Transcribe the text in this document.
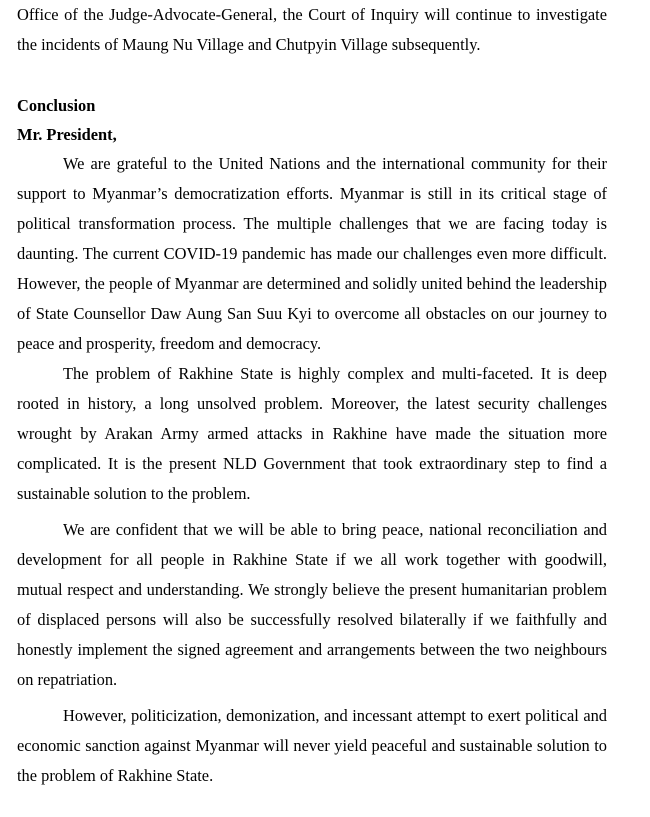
Office of the Judge-Advocate-General, the Court of Inquiry will continue to investigate the incidents of Maung Nu Village and Chutpyin Village subsequently.

Conclusion
Mr. President,

We are grateful to the United Nations and the international community for their support to Myanmar’s democratization efforts. Myanmar is still in its critical stage of political transformation process. The multiple challenges that we are facing today is daunting. The current COVID-19 pandemic has made our challenges even more difficult. However, the people of Myanmar are determined and solidly united behind the leadership of State Counsellor Daw Aung San Suu Kyi to overcome all obstacles on our journey to peace and prosperity, freedom and democracy.

The problem of Rakhine State is highly complex and multi-faceted. It is deep rooted in history, a long unsolved problem. Moreover, the latest security challenges wrought by Arakan Army armed attacks in Rakhine have made the situation more complicated. It is the present NLD Government that took extraordinary step to find a sustainable solution to the problem.

We are confident that we will be able to bring peace, national reconciliation and development for all people in Rakhine State if we all work together with goodwill, mutual respect and understanding. We strongly believe the present humanitarian problem of displaced persons will also be successfully resolved bilaterally if we faithfully and honestly implement the signed agreement and arrangements between the two neighbours on repatriation.

However, politicization, demonization, and incessant attempt to exert political and economic sanction against Myanmar will never yield peaceful and sustainable solution to the problem of Rakhine State.
